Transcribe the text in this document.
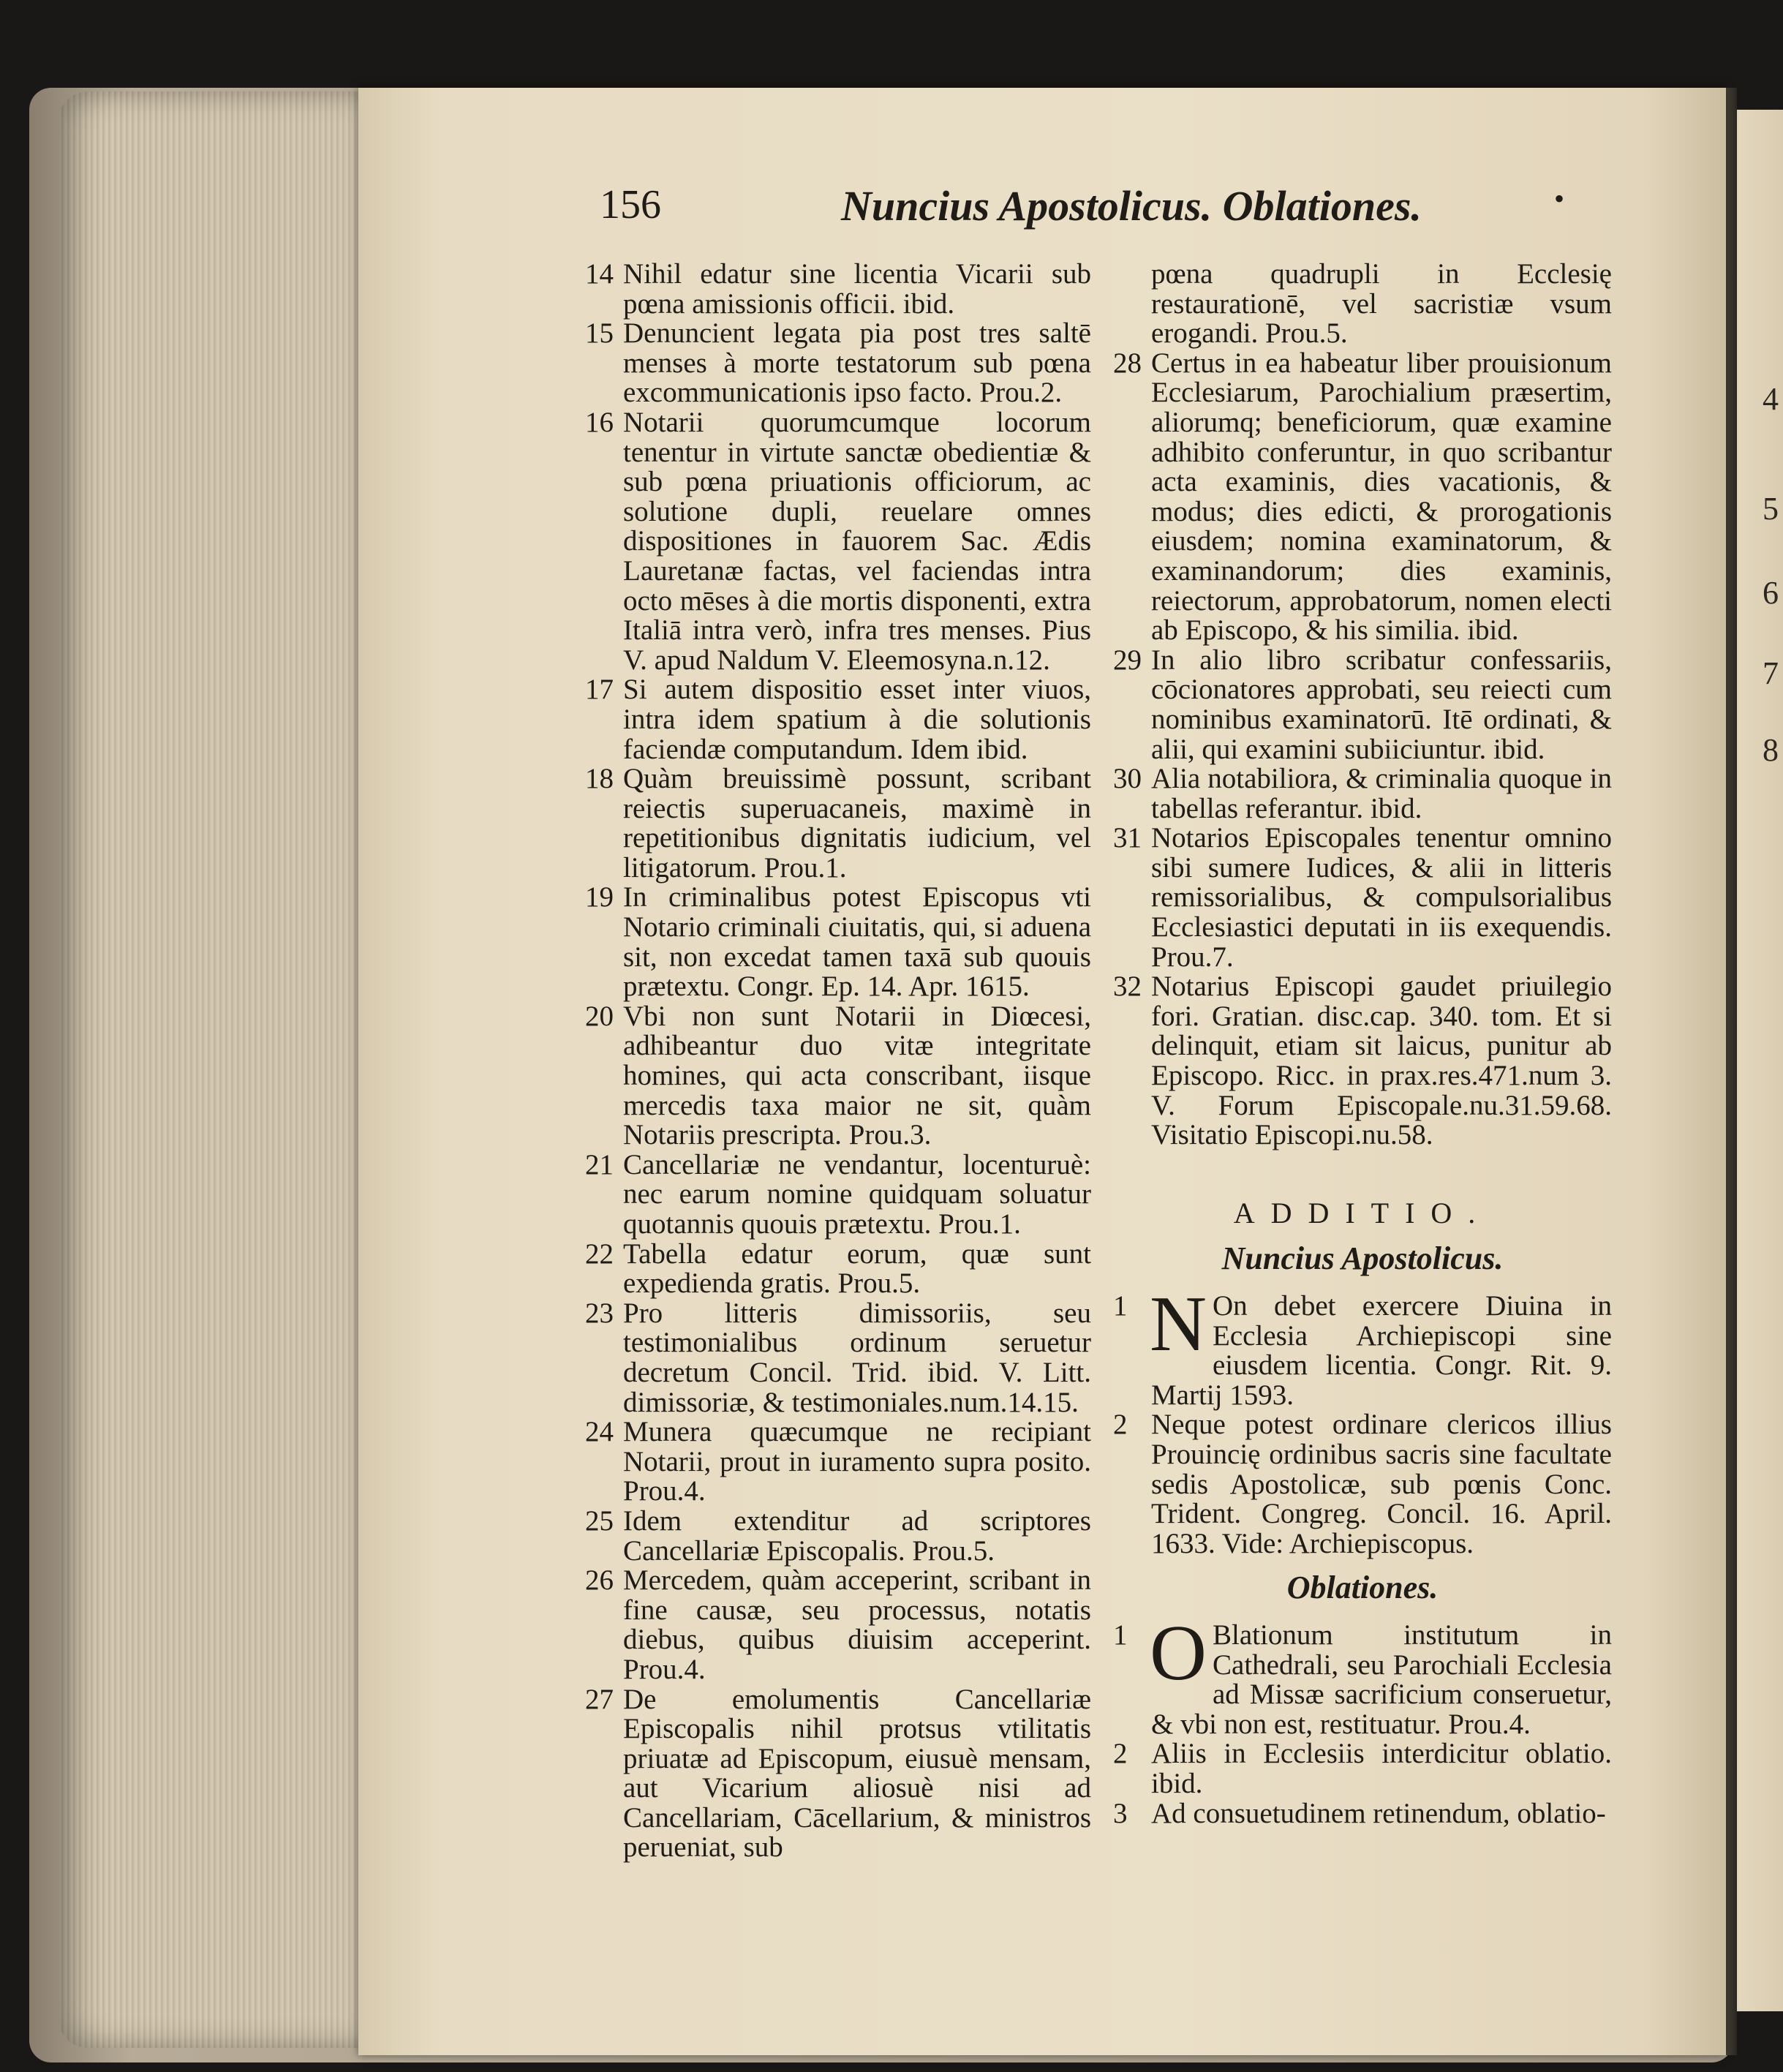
4
5
6
7
8
156	Nuncius Apostolicus. Oblationes.	•
14 Nihil edatur sine licentia Vicarii sub pœna amissionis officii. ibid.
15 Denuncient legata pia post tres saltē menses à morte testatorum sub pœna excommunicationis ipso facto. Prou.2.
16 Notarii quorumcumque locorum tenentur in virtute sanctæ obedientiæ & sub pœna priuationis officiorum, ac solutione dupli, reuelare omnes dispositiones in fauorem Sac. Ædis Lauretanæ factas, vel faciendas intra octo mēses à die mortis disponenti, extra Italiā intra verò, infra tres menses. Pius V. apud Naldum V. Eleemosyna.n.12.
17 Si autem dispositio esset inter viuos, intra idem spatium à die solutionis faciendæ computandum. Idem ibid.
18 Quàm breuissimè possunt, scribant reiectis superuacaneis, maximè in repetitionibus dignitatis iudicium, vel litigatorum. Prou.1.
19 In criminalibus potest Episcopus vti Notario criminali ciuitatis, qui, si aduena sit, non excedat tamen taxā sub quouis prætextu. Congr. Ep. 14. Apr. 1615.
20 Vbi non sunt Notarii in Diœcesi, adhibeantur duo vitæ integritate homines, qui acta conscribant, iisque mercedis taxa maior ne sit, quàm Notariis prescripta. Prou.3.
21 Cancellariæ ne vendantur, locenturuè: nec earum nomine quidquam soluatur quotannis quouis prætextu. Prou.1.
22 Tabella edatur eorum, quæ sunt expedienda gratis. Prou.5.
23 Pro litteris dimissoriis, seu testimonialibus ordinum seruetur decretum Concil. Trid. ibid. V. Litt. dimissoriæ, & testimoniales.num.14.15.
24 Munera quæcumque ne recipiant Notarii, prout in iuramento supra posito. Prou.4.
25 Idem extenditur ad scriptores Cancellariæ Episcopalis. Prou.5.
26 Mercedem, quàm acceperint, scribant in fine causæ, seu processus, notatis diebus, quibus diuisim acceperint. Prou.4.
27 De emolumentis Cancellariæ Episcopalis nihil protsus vtilitatis priuatæ ad Episcopum, eiusuè mensam, aut Vicarium aliosuè nisi ad Cancellariam, Cācellarium, & ministros perueniat, sub
pœna quadrupli in Ecclesię restaurationē, vel sacristiæ vsum erogandi. Prou.5.
28 Certus in ea habeatur liber prouisionum Ecclesiarum, Parochialium præsertim, aliorumq; beneficiorum, quæ examine adhibito conferuntur, in quo scribantur acta examinis, dies vacationis, & modus; dies edicti, & prorogationis eiusdem; nomina examinatorum, & examinandorum; dies examinis, reiectorum, approbatorum, nomen electi ab Episcopo, & his similia. ibid.
29 In alio libro scribatur confessariis, cōcionatores approbati, seu reiecti cum nominibus examinatorū. Itē ordinati, & alii, qui examini subiiciuntur. ibid.
30 Alia notabiliora, & criminalia quoque in tabellas referantur. ibid.
31 Notarios Episcopales tenentur omnino sibi sumere Iudices, & alii in litteris remissorialibus, & compulsorialibus Ecclesiastici deputati in iis exequendis. Prou.7.
32 Notarius Episcopi gaudet priuilegio fori. Gratian. disc.cap. 340. tom. Et si delinquit, etiam sit laicus, punitur ab Episcopo. Ricc. in prax.res.471.num 3. V. Forum Episcopale.nu.31.59.68. Visitatio Episcopi.nu.58.
ADDITIO.
Nuncius Apostolicus.
1 N On debet exercere Diuina in Ecclesia Archiepiscopi sine eiusdem licentia. Congr. Rit. 9. Martij 1593.
2 Neque potest ordinare clericos illius Prouincię ordinibus sacris sine facultate sedis Apostolicæ, sub pœnis Conc. Trident. Congreg. Concil. 16. April. 1633. Vide: Archiepiscopus.
Oblationes.
1 O Blationum institutum in Cathedrali, seu Parochiali Ecclesia ad Missæ sacrificium conseruetur, & vbi non est, restituatur. Prou.4.
2 Aliis in Ecclesiis interdicitur oblatio. ibid.
3 Ad consuetudinem retinendum, oblatio-
